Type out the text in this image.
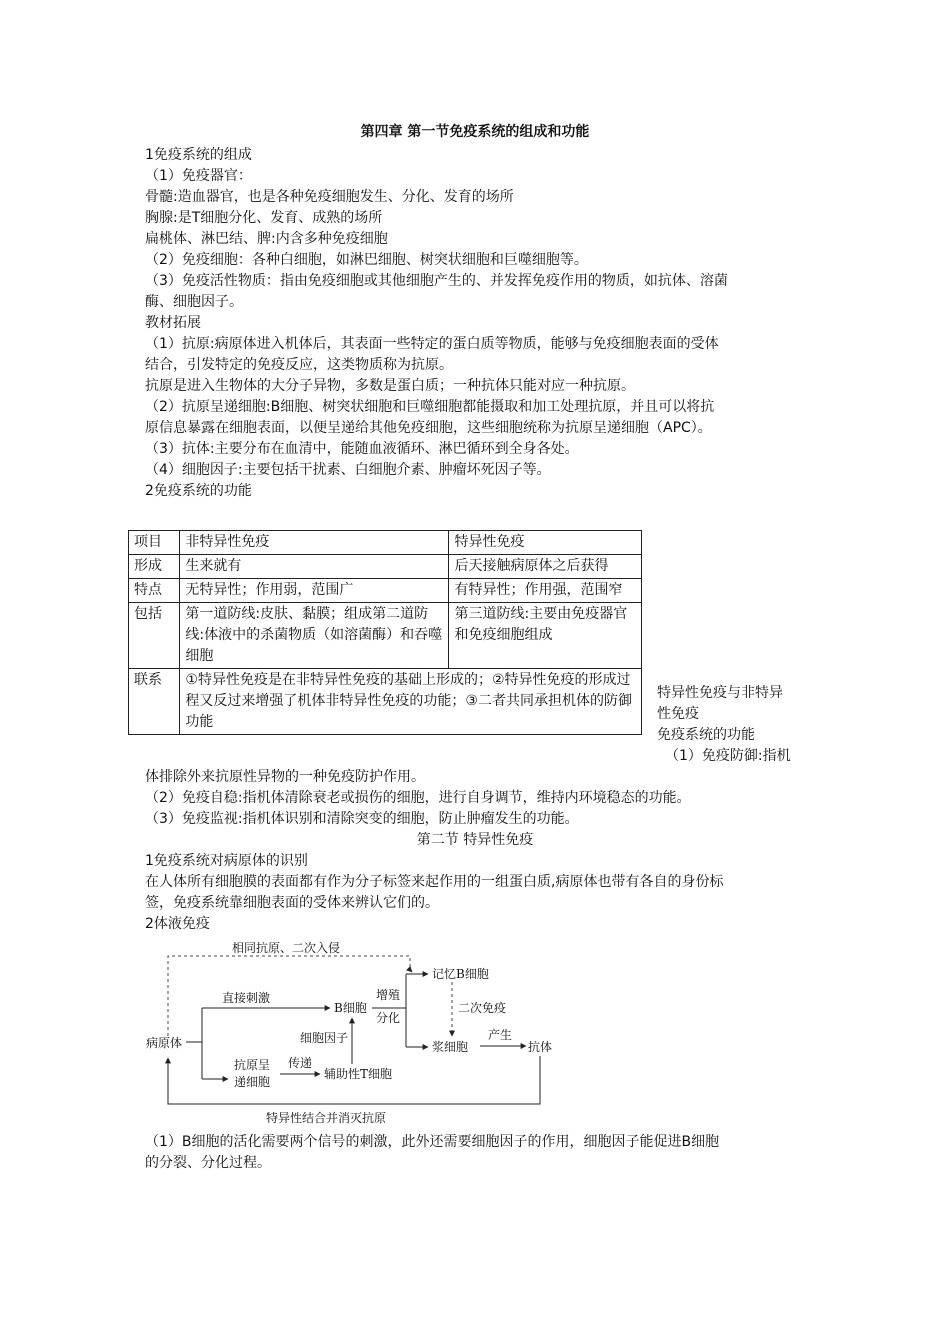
第四章 第一节免疫系统的组成和功能
1免疫系统的组成
（1）免疫器官：
骨髓:造血器官，也是各种免疫细胞发生、分化、发育的场所
胸腺:是T细胞分化、发育、成熟的场所
扁桃体、淋巴结、脾:内含多种免疫细胞
（2）免疫细胞：各种白细胞，如淋巴细胞、树突状细胞和巨噬细胞等。
（3）免疫活性物质：指由免疫细胞或其他细胞产生的、并发挥免疫作用的物质，如抗体、溶菌
酶、细胞因子。
教材拓展
（1）抗原:病原体进入机体后，其表面一些特定的蛋白质等物质，能够与免疫细胞表面的受体
结合，引发特定的免疫反应，这类物质称为抗原。
抗原是进入生物体的大分子异物，多数是蛋白质；一种抗体只能对应一种抗原。
（2）抗原呈递细胞:B细胞、树突状细胞和巨噬细胞都能摄取和加工处理抗原，并且可以将抗
原信息暴露在细胞表面，以便呈递给其他免疫细胞，这些细胞统称为抗原呈递细胞（APC）。
（3）抗体:主要分布在血清中，能随血液循环、淋巴循环到全身各处。
（4）细胞因子:主要包括干扰素、白细胞介素、肿瘤坏死因子等。
2免疫系统的功能
项目	非特异性免疫	特异性免疫
形成	生来就有	后天接触病原体之后获得
特点	无特异性；作用弱，范围广	有特异性；作用强，范围窄
包括	第一道防线:皮肤、黏膜；组成第二道防线:体液中的杀菌物质（如溶菌酶）和吞噬细胞	第三道防线:主要由免疫器官和免疫细胞组成
联系	①特异性免疫是在非特异性免疫的基础上形成的；②特异性免疫的形成过程又反过来增强了机体非特异性免疫的功能；③二者共同承担机体的防御功能	
特异性免疫与非特异
性免疫
免疫系统的功能
（1）免疫防御:指机
体排除外来抗原性异物的一种免疫防护作用。
（2）免疫自稳:指机体清除衰老或损伤的细胞，进行自身调节，维持内环境稳态的功能。
（3）免疫监视:指机体识别和清除突变的细胞，防止肿瘤发生的功能。
第二节 特异性免疫
1免疫系统对病原体的识别
在人体所有细胞膜的表面都有作为分子标签来起作用的一组蛋白质,病原体也带有各自的身份标
签，免疫系统靠细胞表面的受体来辨认它们的。
2体液免疫
相同抗原、二次入侵
直接刺激
病原体
B细胞
增殖
分化
记忆B细胞
二次免疫
浆细胞
产生
抗体
抗原呈
递细胞
传递
辅助性T细胞
细胞因子
特异性结合并消灭抗原
（1）B细胞的活化需要两个信号的刺激，此外还需要细胞因子的作用，细胞因子能促进B细胞
的分裂、分化过程。
